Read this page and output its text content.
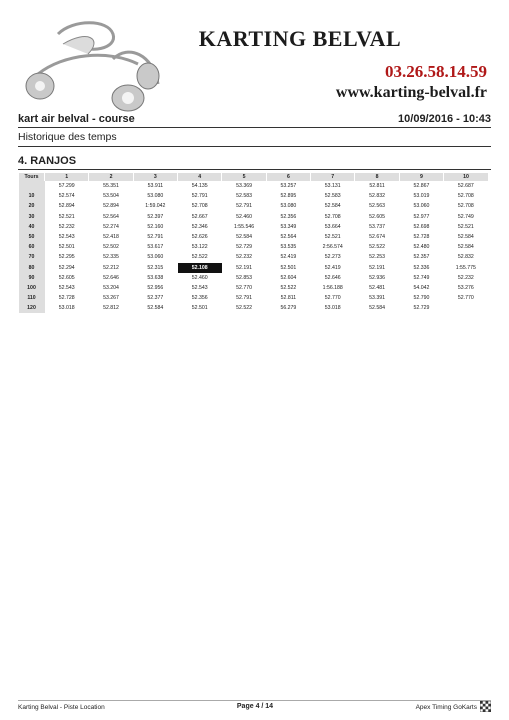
KARTING BELVAL
03.26.58.14.59
www.karting-belval.fr
kart air belval - course	10/09/2016 - 10:43
Historique des temps
4. RANJOS
Tours	1	2	3	4	5	6	7	8	9	10
	57.299	55.351	53.911	54.135	53.369	53.257	53.131	52.811	52.867	52.687
10	52.574	53.504	53.080	52.791	52.583	52.895	52.583	52.832	53.019	52.708
20	52.894	52.894	1:59.042	52.708	52.791	53.080	52.584	52.563	53.060	52.708
30	52.521	52.564	52.397	52.667	52.460	52.356	52.708	52.605	52.977	52.749
40	52.232	52.274	52.160	52.346	1:55.546	53.349	53.664	53.737	52.698	52.521
50	52.543	52.418	52.791	52.626	52.584	52.564	52.521	52.674	52.728	52.584
60	52.501	52.502	53.617	53.122	52.729	53.535	2:56.574	52.522	52.480	52.584
70	52.295	52.335	53.060	52.522	52.232	52.419	52.273	52.253	52.357	52.832
80	52.294	52.212	52.315	52.108	52.191	52.501	52.419	52.191	52.336	1:55.775
90	52.605	52.646	53.638	52.460	52.853	52.604	52.646	52.936	52.749	52.232
100	52.543	53.204	52.956	52.543	52.770	52.522	1:56.188	52.481	54.042	53.276
110	52.728	53.267	52.377	52.356	52.791	52.811	52.770	53.391	52.790	52.770
120	53.018	52.812	52.584	52.501	52.522	56.279	53.018	52.584	52.729	
Karting Belval - Piste Location	Page 4 / 14	Apex Timing GoKarts
